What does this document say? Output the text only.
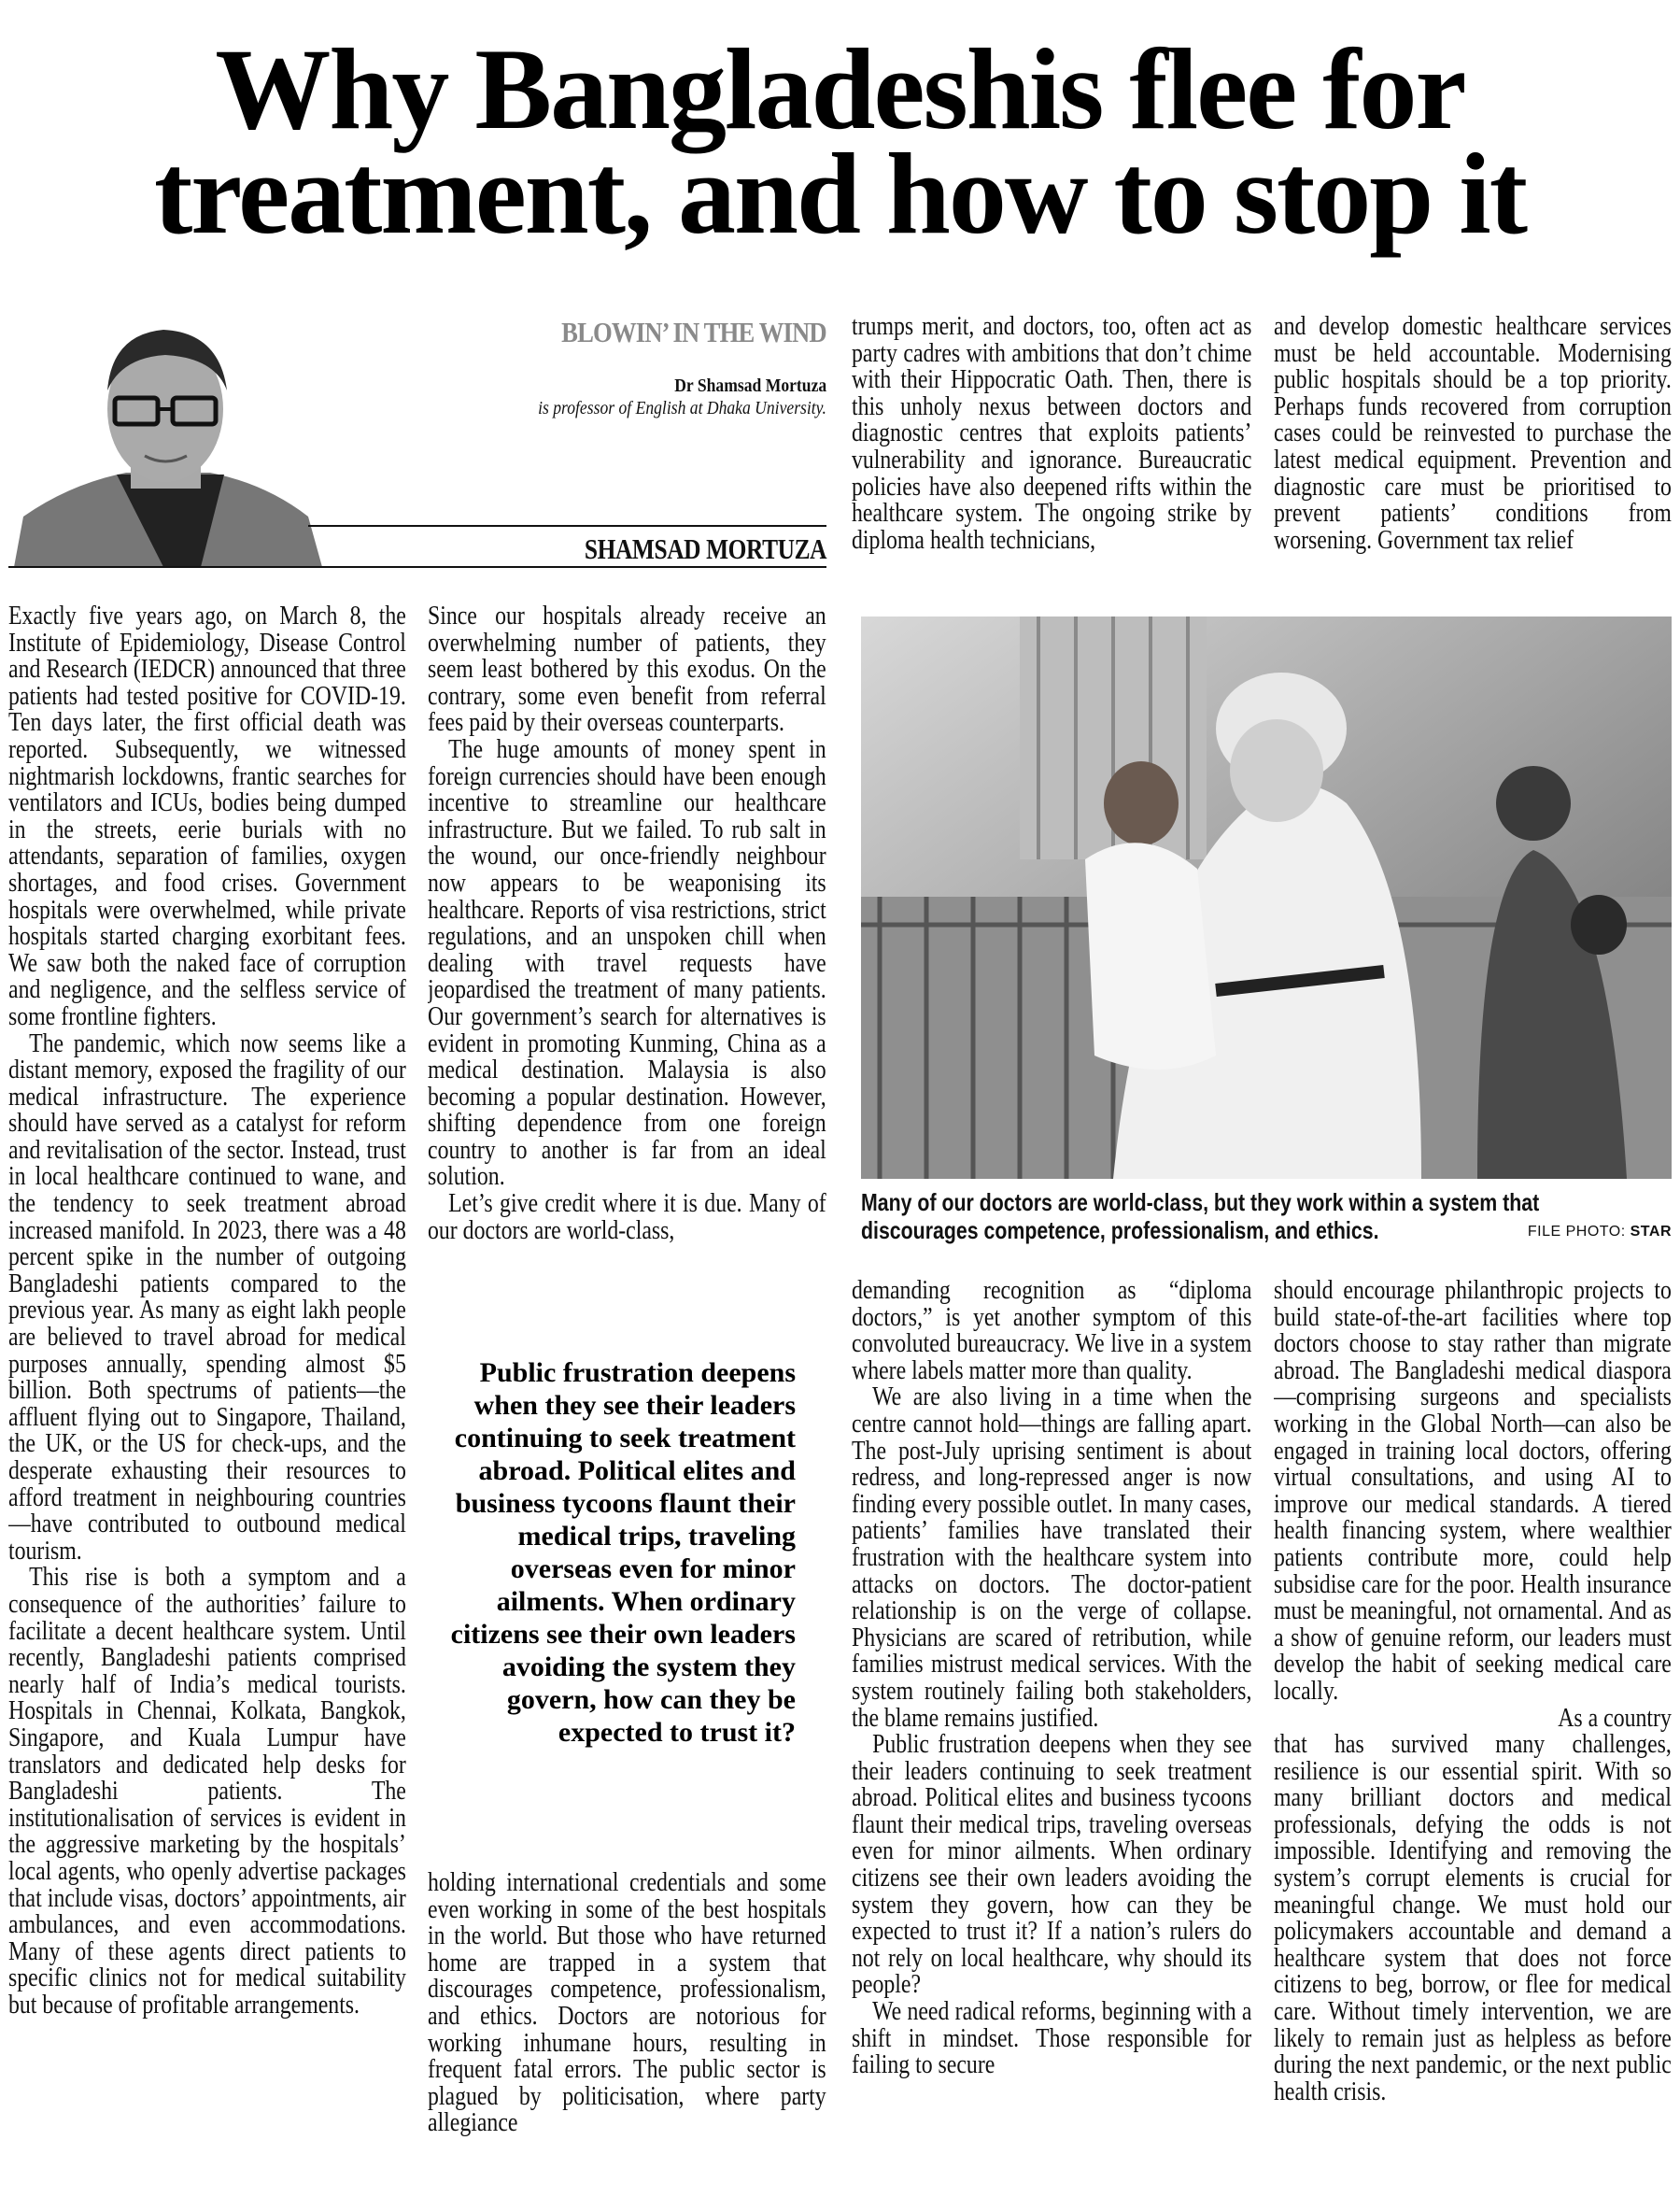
Why Bangladeshis flee for
treatment, and how to stop it
BLOWIN’ IN THE WIND
Dr Shamsad Mortuza
is professor of English at Dhaka University.
SHAMSAD MORTUZA

trumps merit, and doctors, too, often act as party cadres with ambitions that don’t chime with their Hippocratic Oath. Then, there is this unholy nexus between doctors and diagnostic centres that exploits patients’ vulnerability and ignorance. Bureaucratic policies have also deepened rifts within the healthcare system. The ongoing strike by diploma health technicians,

and develop domestic healthcare services must be held accountable. Modernising public hospitals should be a top priority. Perhaps funds recovered from corruption cases could be reinvested to purchase the latest medical equipment. Prevention and diagnostic care must be prioritised to prevent patients’ conditions from worsening. Government tax relief

Exactly five years ago, on March 8, the Institute of Epidemiology, Disease Control and Research (IEDCR) announced that three patients had tested positive for COVID-19. Ten days later, the first official death was reported. Subsequently, we witnessed nightmarish lockdowns, frantic searches for ventilators and ICUs, bodies being dumped in the streets, eerie burials with no attendants, separation of families, oxygen shortages, and food crises. Government hospitals were overwhelmed, while private hospitals started charging exorbitant fees. We saw both the naked face of corruption and negligence, and the selfless service of some frontline fighters.

The pandemic, which now seems like a distant memory, exposed the fragility of our medical infrastructure. The experience should have served as a catalyst for reform and revitalisation of the sector. Instead, trust in local healthcare continued to wane, and the tendency to seek treatment abroad increased manifold. In 2023, there was a 48 percent spike in the number of outgoing Bangladeshi patients compared to the previous year. As many as eight lakh people are believed to travel abroad for medical purposes annually, spending almost $5 billion. Both spectrums of patients—the affluent flying out to Singapore, Thailand, the UK, or the US for check-ups, and the desperate exhausting their resources to afford treatment in neighbouring countries—have contributed to outbound medical tourism.

This rise is both a symptom and a consequence of the authorities’ failure to facilitate a decent healthcare system. Until recently, Bangladeshi patients comprised nearly half of India’s medical tourists. Hospitals in Chennai, Kolkata, Bangkok, Singapore, and Kuala Lumpur have translators and dedicated help desks for Bangladeshi patients. The institutionalisation of services is evident in the aggressive marketing by the hospitals’ local agents, who openly advertise packages that include visas, doctors’ appointments, air ambulances, and even accommodations. Many of these agents direct patients to specific clinics not for medical suitability but because of profitable arrangements.

Since our hospitals already receive an overwhelming number of patients, they seem least bothered by this exodus. On the contrary, some even benefit from referral fees paid by their overseas counterparts.

The huge amounts of money spent in foreign currencies should have been enough incentive to streamline our healthcare infrastructure. But we failed. To rub salt in the wound, our once-friendly neighbour now appears to be weaponising its healthcare. Reports of visa restrictions, strict regulations, and an unspoken chill when dealing with travel requests have jeopardised the treatment of many patients. Our government’s search for alternatives is evident in promoting Kunming, China as a medical destination. Malaysia is also becoming a popular destination. However, shifting dependence from one foreign country to another is far from an ideal solution.

Let’s give credit where it is due. Many of our doctors are world-class,

Public frustration deepens when they see their leaders continuing to seek treatment abroad. Political elites and business tycoons flaunt their medical trips, traveling overseas even for minor ailments. When ordinary citizens see their own leaders avoiding the system they govern, how can they be expected to trust it?

holding international credentials and some even working in some of the best hospitals in the world. But those who have returned home are trapped in a system that discourages competence, professionalism, and ethics. Doctors are notorious for working inhumane hours, resulting in frequent fatal errors. The public sector is plagued by politicisation, where party allegiance

Many of our doctors are world-class, but they work within a system that discourages competence, professionalism, and ethics.	FILE PHOTO: STAR

demanding recognition as “diploma doctors,” is yet another symptom of this convoluted bureaucracy. We live in a system where labels matter more than quality.

We are also living in a time when the centre cannot hold—things are falling apart. The post-July uprising sentiment is about redress, and long-repressed anger is now finding every possible outlet. In many cases, patients’ families have translated their frustration with the healthcare system into attacks on doctors. The doctor-patient relationship is on the verge of collapse. Physicians are scared of retribution, while families mistrust medical services. With the system routinely failing both stakeholders, the blame remains justified.

Public frustration deepens when they see their leaders continuing to seek treatment abroad. Political elites and business tycoons flaunt their medical trips, traveling overseas even for minor ailments. When ordinary citizens see their own leaders avoiding the system they govern, how can they be expected to trust it? If a nation’s rulers do not rely on local healthcare, why should its people?

We need radical reforms, beginning with a shift in mindset. Those responsible for failing to secure

should encourage philanthropic projects to build state-of-the-art facilities where top doctors choose to stay rather than migrate abroad. The Bangladeshi medical diaspora—comprising surgeons and specialists working in the Global North—can also be engaged in training local doctors, offering virtual consultations, and using AI to improve our medical standards. A tiered health financing system, where wealthier patients contribute more, could help subsidise care for the poor. Health insurance must be meaningful, not ornamental. And as a show of genuine reform, our leaders must develop the habit of seeking medical care locally.

As a country
that has survived many challenges, resilience is our essential spirit. With so many brilliant doctors and medical professionals, defying the odds is not impossible. Identifying and removing the system’s corrupt elements is crucial for meaningful change. We must hold our policymakers accountable and demand a healthcare system that does not force citizens to beg, borrow, or flee for medical care. Without timely intervention, we are likely to remain just as helpless as before during the next pandemic, or the next public health crisis.
